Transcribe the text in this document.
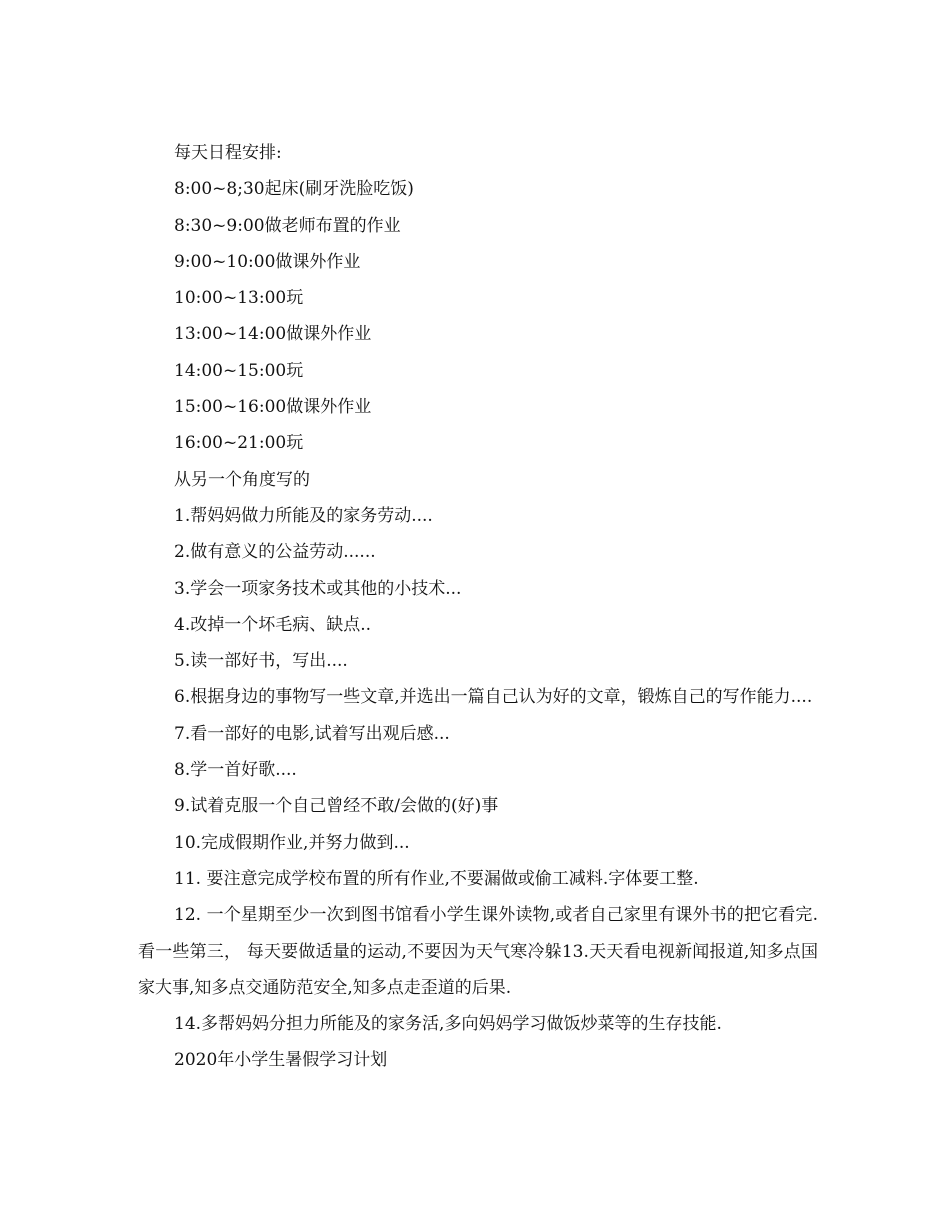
每天日程安排:
8:00~8;30起床(刷牙洗脸吃饭)
8:30~9:00做老师布置的作业
9:00~10:00做课外作业
10:00~13:00玩
13:00~14:00做课外作业
14:00~15:00玩
15:00~16:00做课外作业
16:00~21:00玩
从另一个角度写的
1.帮妈妈做力所能及的家务劳动....
2.做有意义的公益劳动......
3.学会一项家务技术或其他的小技术...
4.改掉一个坏毛病、缺点..
5.读一部好书，写出....
6.根据身边的事物写一些文章,并选出一篇自己认为好的文章，锻炼自己的写作能力....
7.看一部好的电影,试着写出观后感...
8.学一首好歌....
9.试着克服一个自己曾经不敢/会做的(好)事
10.完成假期作业,并努力做到...
11. 要注意完成学校布置的所有作业,不要漏做或偷工减料.字体要工整.
12. 一个星期至少一次到图书馆看小学生课外读物,或者自己家里有课外书的把它看完.看一些第三， 每天要做适量的运动,不要因为天气寒冷躲13.天天看电视新闻报道,知多点国家大事,知多点交通防范安全,知多点走歪道的后果.
14.多帮妈妈分担力所能及的家务活,多向妈妈学习做饭炒菜等的生存技能.
2020年小学生暑假学习计划
